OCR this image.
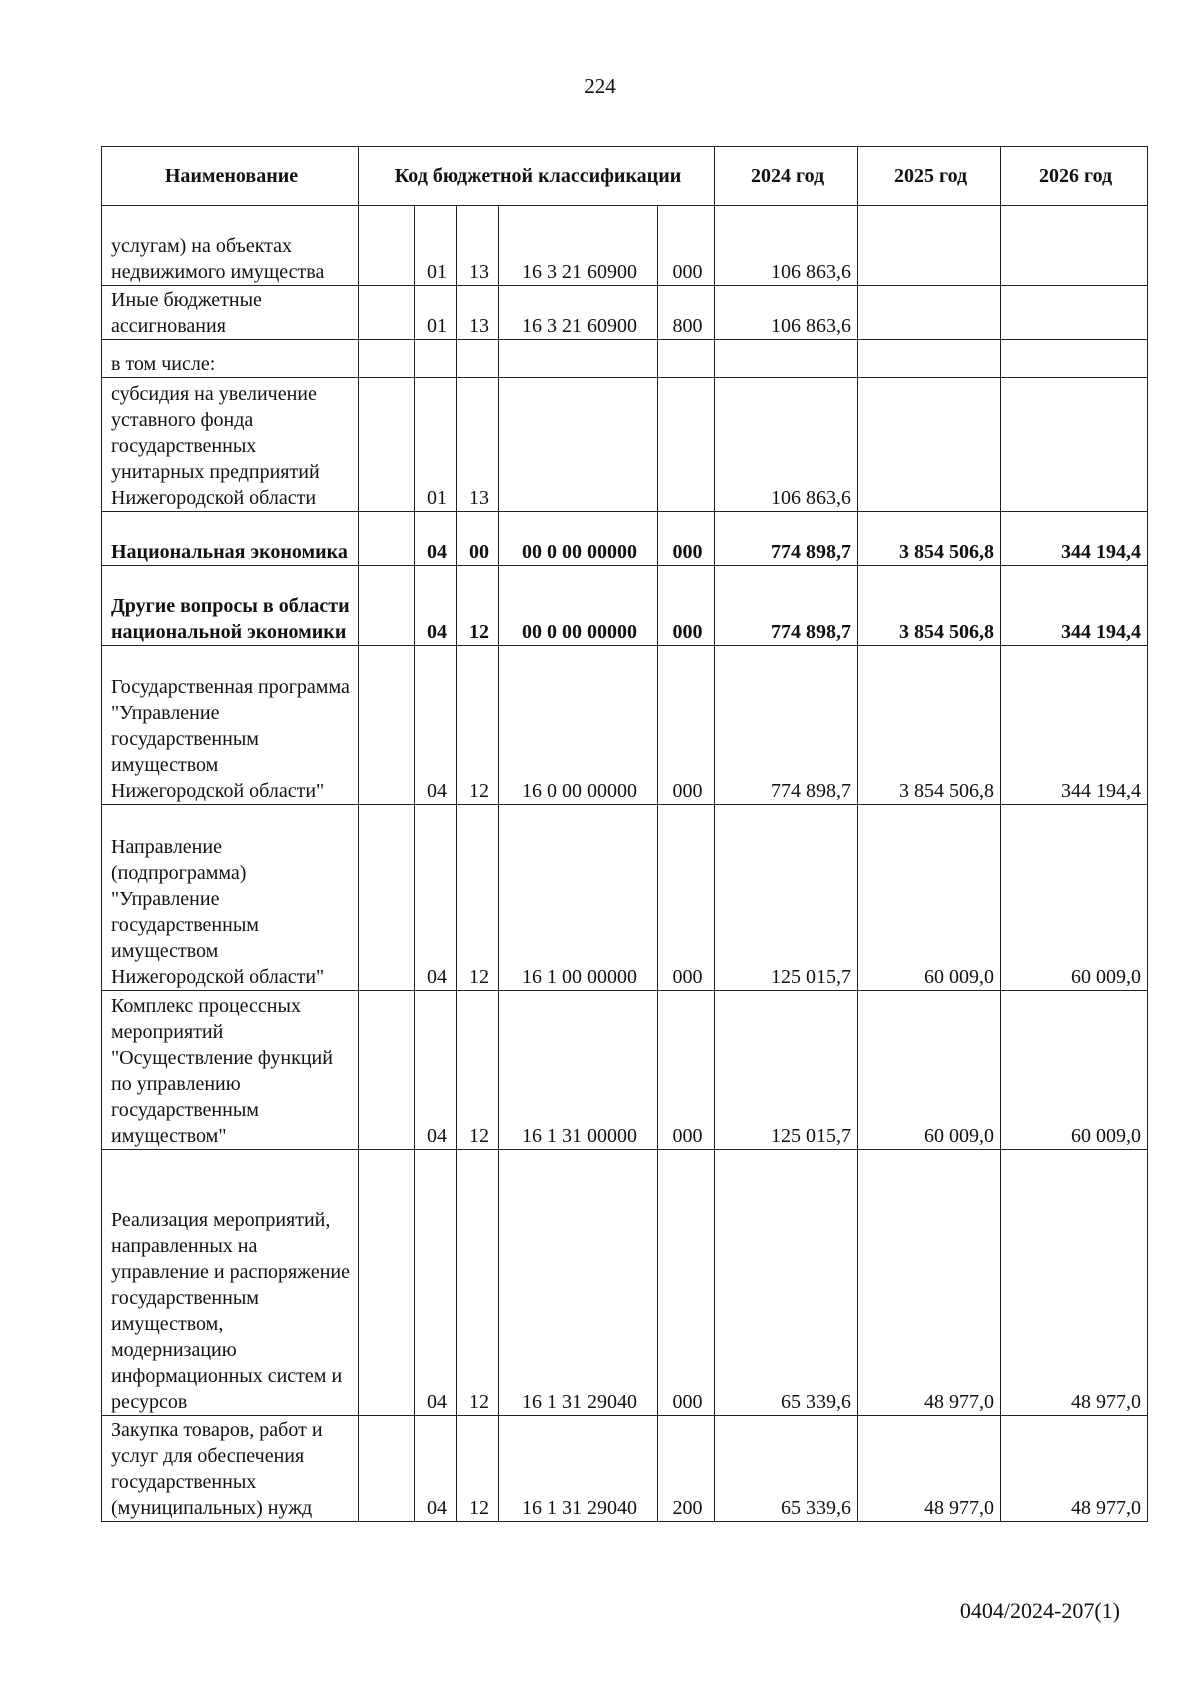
224
Наименование	Код бюджетной классификации					2024 год	2025 год	2026 год
услугам) на объектах недвижимого имущества		01	13	16 3 21 60900	000	106 863,6		
Иные бюджетные ассигнования		01	13	16 3 21 60900	800	106 863,6		
в том числе:								
субсидия на увеличение уставного фонда государственных унитарных предприятий Нижегородской области		01	13			106 863,6		
Национальная экономика		04	00	00 0 00 00000	000	774 898,7	3 854 506,8	344 194,4
Другие вопросы в области национальной экономики		04	12	00 0 00 00000	000	774 898,7	3 854 506,8	344 194,4
Государственная программа "Управление государственным имуществом Нижегородской области"		04	12	16 0 00 00000	000	774 898,7	3 854 506,8	344 194,4
Направление (подпрограмма) "Управление государственным имуществом Нижегородской области"		04	12	16 1 00 00000	000	125 015,7	60 009,0	60 009,0
Комплекс процессных мероприятий "Осуществление функций по управлению государственным имуществом"		04	12	16 1 31 00000	000	125 015,7	60 009,0	60 009,0
Реализация мероприятий, направленных на управление и распоряжение государственным имуществом, модернизацию информационных систем и ресурсов		04	12	16 1 31 29040	000	65 339,6	48 977,0	48 977,0
Закупка товаров, работ и услуг для обеспечения государственных (муниципальных) нужд		04	12	16 1 31 29040	200	65 339,6	48 977,0	48 977,0
0404/2024-207(1)
